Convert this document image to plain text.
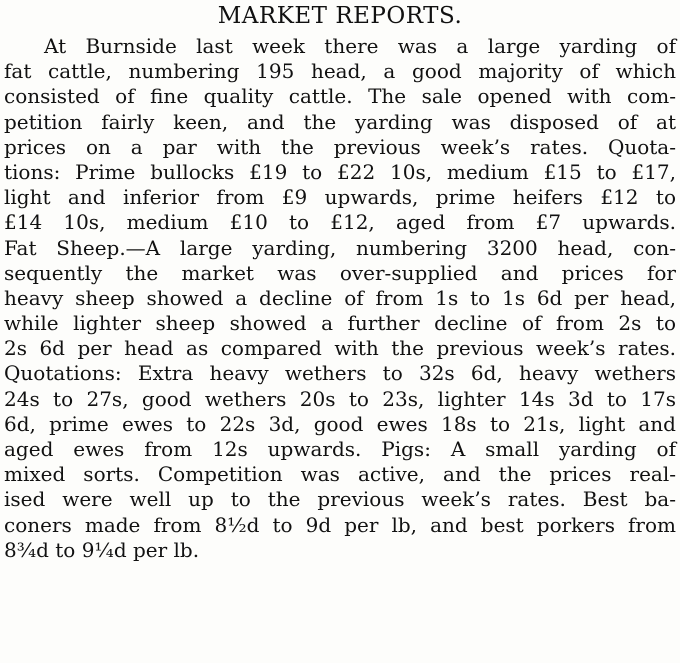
MARKET REPORTS.
At Burnside last week there was a large yarding of
fat cattle, numbering 195 head, a good majority of which
consisted of fine quality cattle. The sale opened with com-
petition fairly keen, and the yarding was disposed of at
prices on a par with the previous week’s rates. Quota-
tions: Prime bullocks £19 to £22 10s, medium £15 to £17,
light and inferior from £9 upwards, prime heifers £12 to
£14 10s, medium £10 to £12, aged from £7 upwards.
Fat Sheep.—A large yarding, numbering 3200 head, con-
sequently the market was over-supplied and prices for
heavy sheep showed a decline of from 1s to 1s 6d per head,
while lighter sheep showed a further decline of from 2s to
2s 6d per head as compared with the previous week’s rates.
Quotations: Extra heavy wethers to 32s 6d, heavy wethers
24s to 27s, good wethers 20s to 23s, lighter 14s 3d to 17s
6d, prime ewes to 22s 3d, good ewes 18s to 21s, light and
aged ewes from 12s upwards. Pigs: A small yarding of
mixed sorts. Competition was active, and the prices real-
ised were well up to the previous week’s rates. Best ba-
coners made from 8½d to 9d per lb, and best porkers from
8¾d to 9¼d per lb.
